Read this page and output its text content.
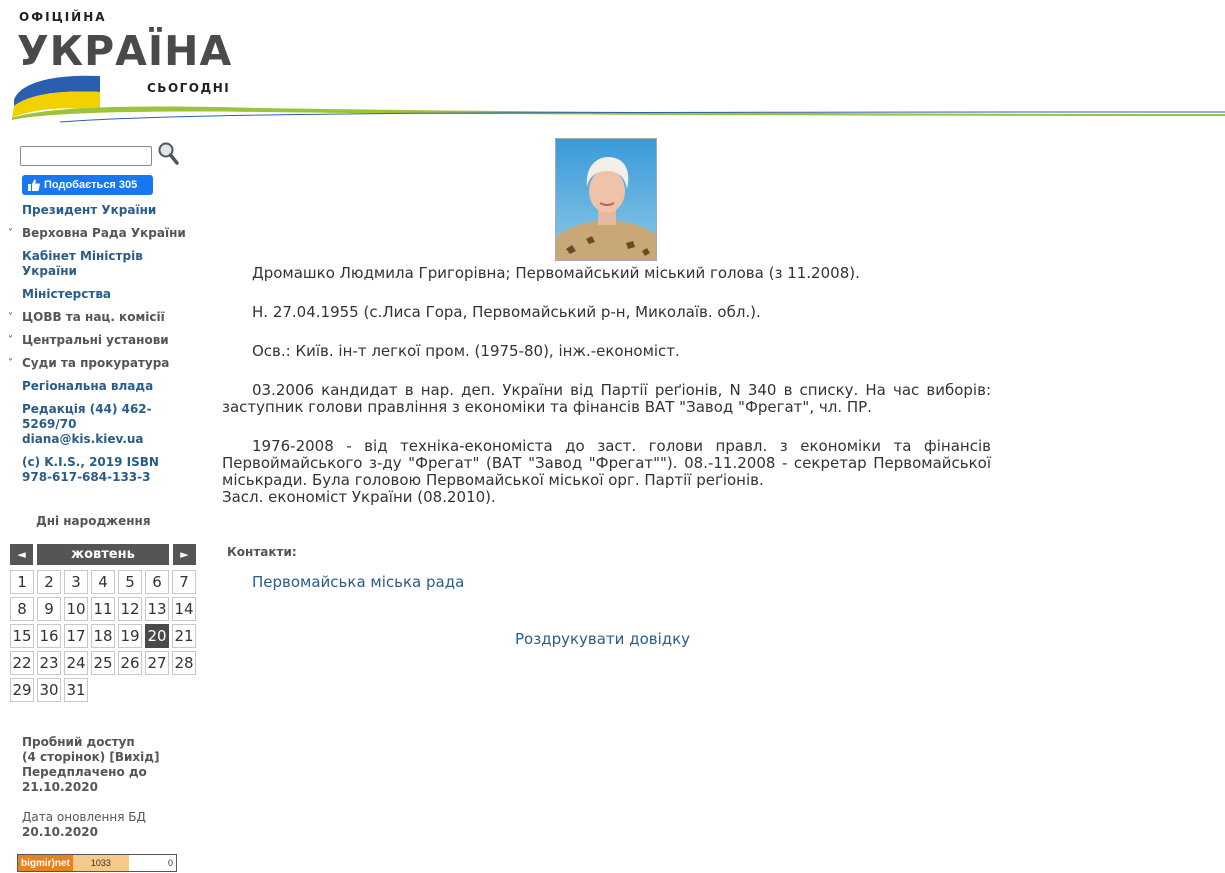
ОФІЦІЙНА
УКРАЇНА
СЬОГОДНІ
Подобається 305
Президент України
˅ Верховна Рада України
Кабінет Міністрів України
Міністерства
˅ ЦОВВ та нац. комісії
˅ Центральні установи
˅ Суди та прокуратура
Регіональна влада
Редакція (44) 462-5269/70 diana@kis.kiev.ua
(c) K.I.S., 2019 ISBN 978-617-684-133-3
Дні народження
◄	жовтень	►
1	2	3	4	5	6	7
8	9 10 11 12 13 14
15 16 17 18 19 20 21
22 23 24 25 26 27 28
29 30 31
Пробний доступ
(4 сторінок) [Вихід]
Передплачено до
21.10.2020
Дата оновлення БД
20.10.2020
bigmir)net	1033	0

Дромашко Людмила Григорівна; Первомайський міський голова (з 11.2008).

Н. 27.04.1955 (с.Лиса Гора, Первомайський р-н, Миколаїв. обл.).

Осв.: Київ. ін-т легкої пром. (1975-80), інж.-економіст.

03.2006 кандидат в нар. деп. України від Партії реґіонів, N 340 в списку. На час виборів: заступник голови правління з економіки та фінансів ВАТ "Завод "Фрегат", чл. ПР.

1976-2008 - від техніка-економіста до заст. голови правл. з економіки та фінансів Первоймайського з-ду "Фрегат" (ВАТ "Завод "Фрегат""). 08.-11.2008 - секретар Первомайської міськради. Була головою Первомайської міської орг. Партії реґіонів.

Засл. економіст України (08.2010).
Контакти:
Первомайська міська рада
Роздрукувати довідку
